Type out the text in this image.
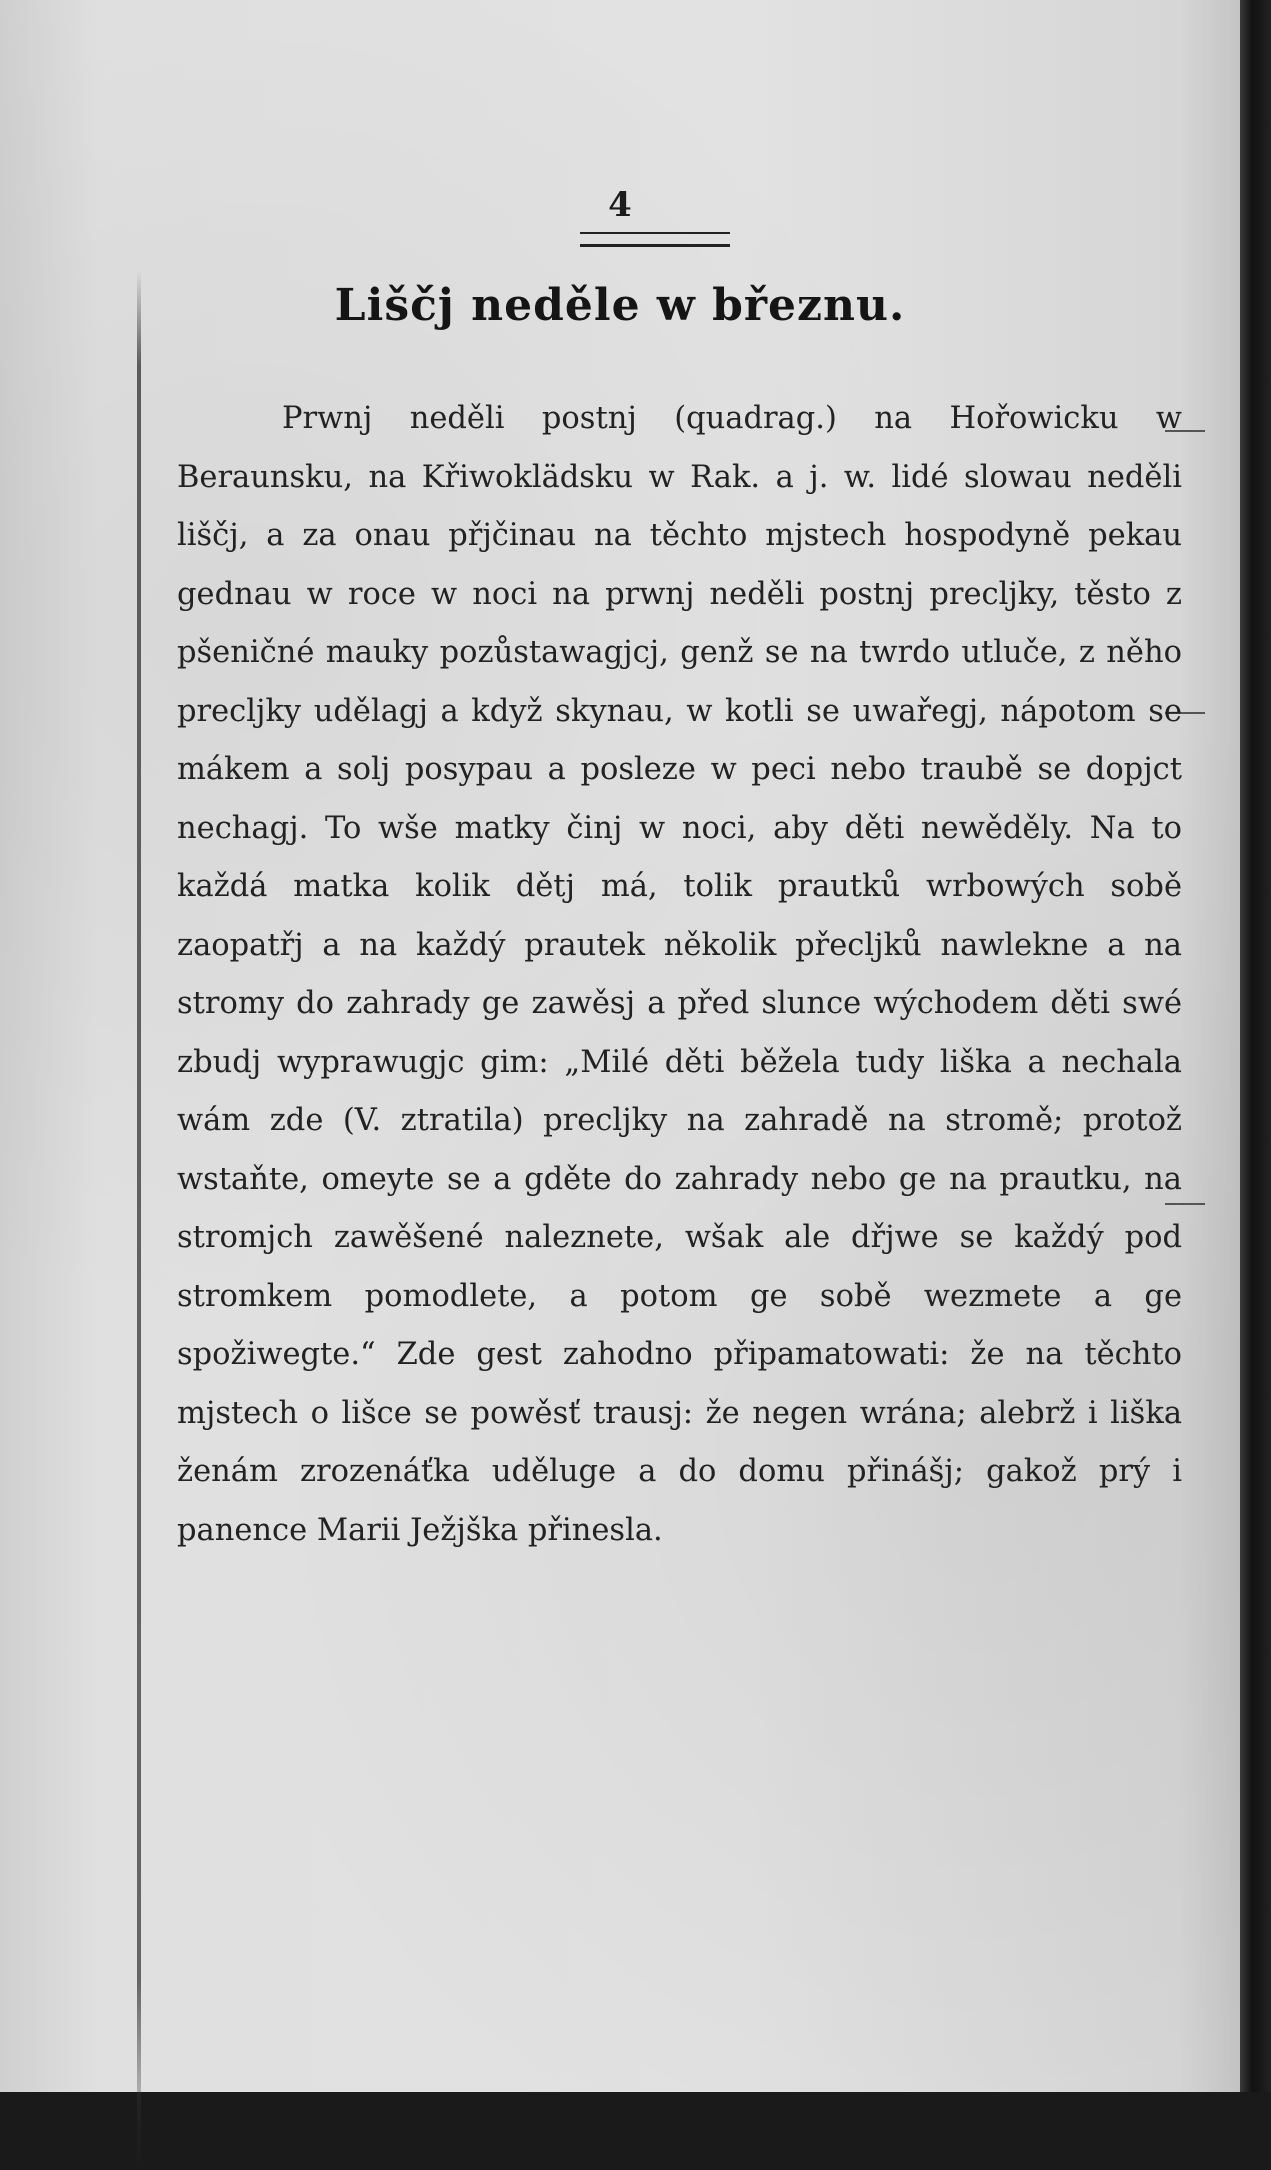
4
Lišč́j neděle w březnu.

Prwnj neděli postnj (quadrag.) na Hořowicku w Beraunsku, na Křiwoklädsku w Rak. a j. w. lidé slowau neděli lišč́j, a za onau přjčinau na těchto mjstech hospodyně pekau gednau w roce w noci na prwnj neděli postnj precljky, těsto z pšeničné mauky pozůstawagjcj, genž se na twrdo utluče, z něho precljky udělagj a když skynau, w kotli se uwařegj, nápotom se mákem a solj posypau a posleze w peci nebo traubě se dopjct nechagj. To wše matky činj w noci, aby děti newěděly. Na to každá matka kolik dětj má, tolik prautků wrbowých sobě zaopatřj a na každý prautek několik přecljků nawlekne a na stromy do zahrady ge zawěsj a před slunce wýchodem děti swé zbudj wyprawugjc gim: „Milé děti běžela tudy liška a nechala wám zde (V. ztratila) precljky na zahradě na stromě; protož wstaňte, omeyte se a gděte do zahrady nebo ge na prautku, na stromjch zawěšené naleznete, wšak ale dřjwe se každý pod stromkem pomodlete, a potom ge sobě wezmete a ge spožiwegte.“ Zde gest zahodno připamatowati: že na těchto mjstech o lišce se powěsť trausj: že negen wrána; alebrž i liška ženám zrozenáťka uděluge a do domu přinášj; gakož prý i panence Marii Ježjška přinesla.
